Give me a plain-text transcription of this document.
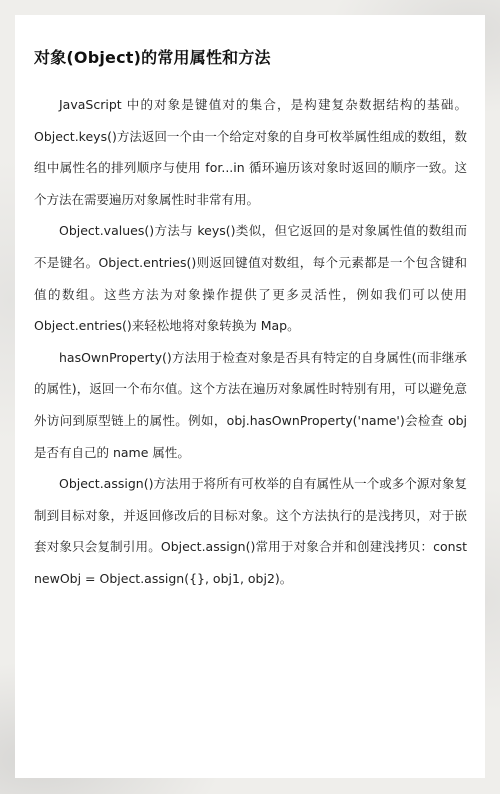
对象(Object)的常用属性和方法

JavaScript 中的对象是键值对的集合，是构建复杂数据结构的基础。Object.keys()方法返回一个由一个给定对象的自身可枚举属性组成的数组，数组中属性名的排列顺序与使用 for...in 循环遍历该对象时返回的顺序一致。这个方法在需要遍历对象属性时非常有用。

Object.values()方法与 keys()类似，但它返回的是对象属性值的数组而不是键名。Object.entries()则返回键值对数组，每个元素都是一个包含键和值的数组。这些方法为对象操作提供了更多灵活性，例如我们可以使用 Object.entries()来轻松地将对象转换为 Map。

hasOwnProperty()方法用于检查对象是否具有特定的自身属性(而非继承的属性)，返回一个布尔值。这个方法在遍历对象属性时特别有用，可以避免意外访问到原型链上的属性。例如，obj.hasOwnProperty('name')会检查 obj 是否有自己的 name 属性。

Object.assign()方法用于将所有可枚举的自有属性从一个或多个源对象复制到目标对象，并返回修改后的目标对象。这个方法执行的是浅拷贝，对于嵌套对象只会复制引用。Object.assign()常用于对象合并和创建浅拷贝：const newObj = Object.assign({}, obj1, obj2)。
